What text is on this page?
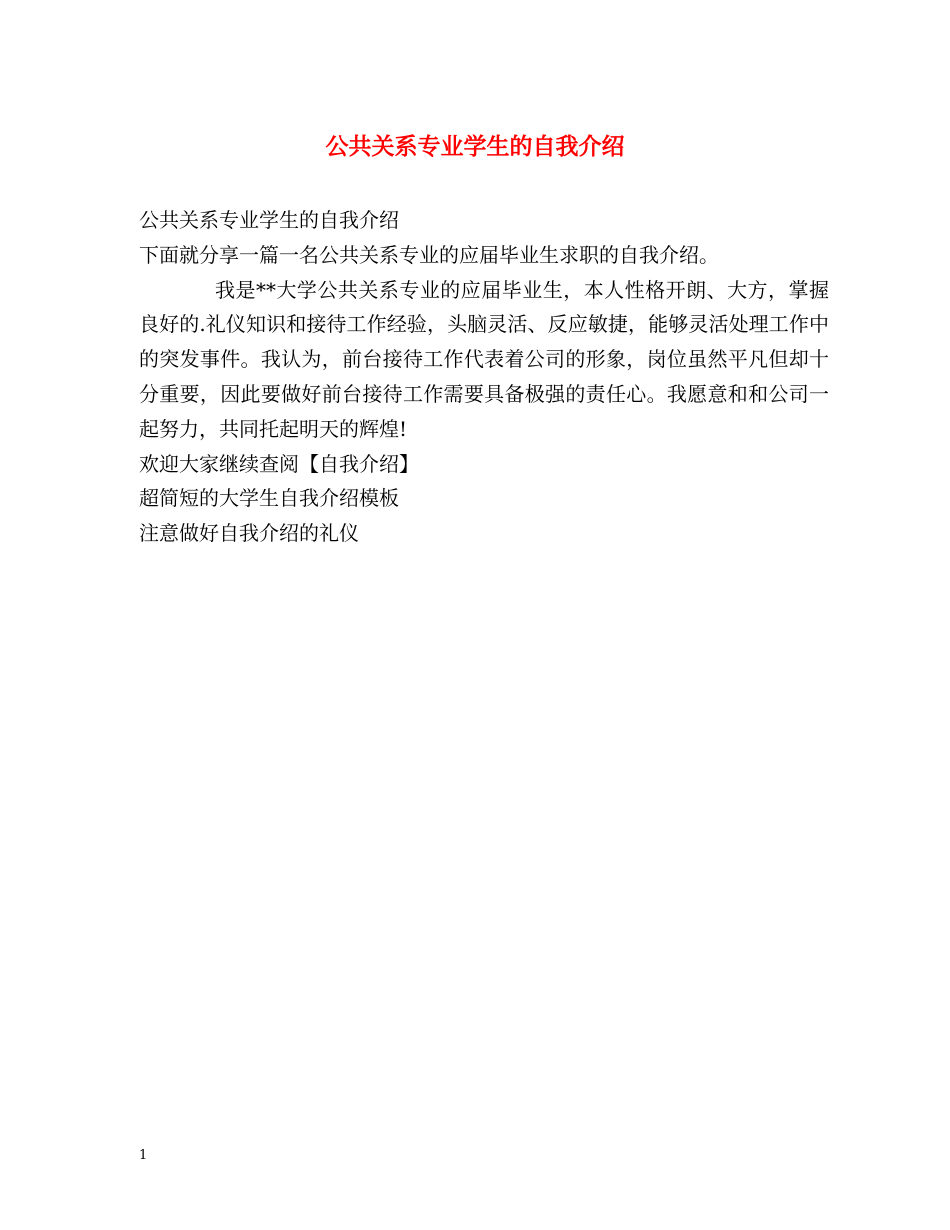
公共关系专业学生的自我介绍

公共关系专业学生的自我介绍

下面就分享一篇一名公共关系专业的应届毕业生求职的自我介绍。

我是**大学公共关系专业的应届毕业生，本人性格开朗、大方，掌握良好的.礼仪知识和接待工作经验，头脑灵活、反应敏捷，能够灵活处理工作中的突发事件。我认为，前台接待工作代表着公司的形象，岗位虽然平凡但却十分重要，因此要做好前台接待工作需要具备极强的责任心。我愿意和和公司一起努力，共同托起明天的辉煌!

欢迎大家继续查阅【自我介绍】

超简短的大学生自我介绍模板

注意做好自我介绍的礼仪

1
